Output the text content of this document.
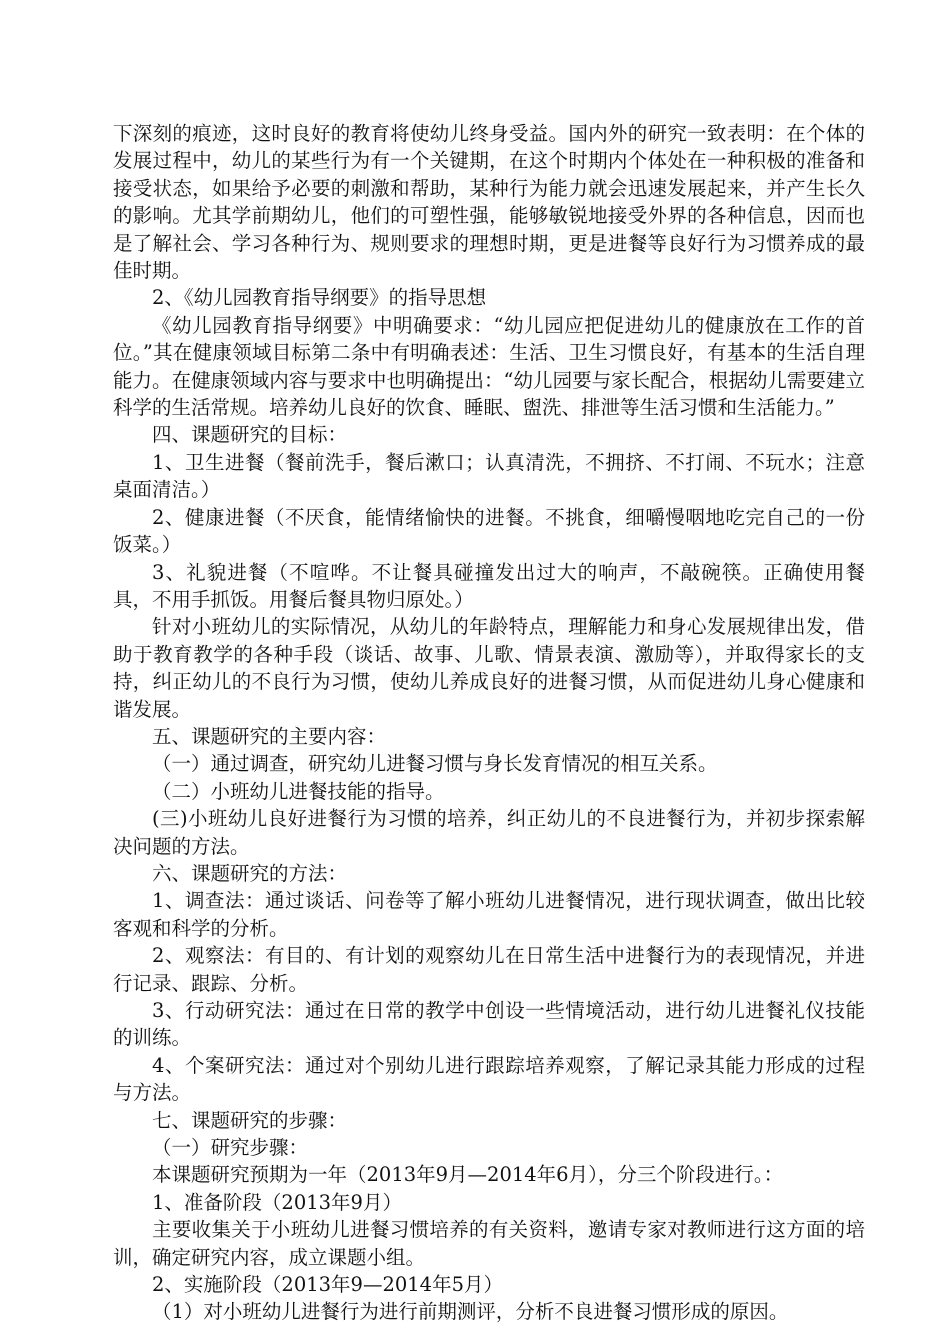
下深刻的痕迹，这时良好的教育将使幼儿终身受益。国内外的研究一致表明：在个体的发展过程中，幼儿的某些行为有一个关键期，在这个时期内个体处在一种积极的准备和接受状态，如果给予必要的刺激和帮助，某种行为能力就会迅速发展起来，并产生长久的影响。尤其学前期幼儿，他们的可塑性强，能够敏锐地接受外界的各种信息，因而也是了解社会、学习各种行为、规则要求的理想时期，更是进餐等良好行为习惯养成的最佳时期。

2、《幼儿园教育指导纲要》的指导思想

《幼儿园教育指导纲要》中明确要求：“幼儿园应把促进幼儿的健康放在工作的首位。”其在健康领域目标第二条中有明确表述：生活、卫生习惯良好，有基本的生活自理能力。在健康领域内容与要求中也明确提出：“幼儿园要与家长配合，根据幼儿需要建立科学的生活常规。培养幼儿良好的饮食、睡眠、盥洗、排泄等生活习惯和生活能力。”

四、课题研究的目标：

1、卫生进餐（餐前洗手，餐后漱口；认真清洗，不拥挤、不打闹、不玩水；注意桌面清洁。）

2、健康进餐（不厌食，能情绪愉快的进餐。不挑食，细嚼慢咽地吃完自己的一份饭菜。）

3、礼貌进餐（不喧哗。不让餐具碰撞发出过大的响声，不敲碗筷。正确使用餐具，不用手抓饭。用餐后餐具物归原处。）

针对小班幼儿的实际情况，从幼儿的年龄特点，理解能力和身心发展规律出发，借助于教育教学的各种手段（谈话、故事、儿歌、情景表演、激励等），并取得家长的支持，纠正幼儿的不良行为习惯，使幼儿养成良好的进餐习惯，从而促进幼儿身心健康和谐发展。

五、课题研究的主要内容：

（一）通过调查，研究幼儿进餐习惯与身长发育情况的相互关系。

（二）小班幼儿进餐技能的指导。

(三)小班幼儿良好进餐行为习惯的培养，纠正幼儿的不良进餐行为，并初步探索解决问题的方法。

六、课题研究的方法：

1、调查法：通过谈话、问卷等了解小班幼儿进餐情况，进行现状调查，做出比较客观和科学的分析。

2、观察法：有目的、有计划的观察幼儿在日常生活中进餐行为的表现情况，并进行记录、跟踪、分析。

3、行动研究法：通过在日常的教学中创设一些情境活动，进行幼儿进餐礼仪技能的训练。

4、个案研究法：通过对个别幼儿进行跟踪培养观察，了解记录其能力形成的过程与方法。

七、课题研究的步骤：

（一）研究步骤：

本课题研究预期为一年（2013年9月—2014年6月），分三个阶段进行。：

1、准备阶段（2013年9月）

主要收集关于小班幼儿进餐习惯培养的有关资料，邀请专家对教师进行这方面的培训，确定研究内容，成立课题小组。

2、实施阶段（2013年9—2014年5月）

（1）对小班幼儿进餐行为进行前期测评，分析不良进餐习惯形成的原因。
